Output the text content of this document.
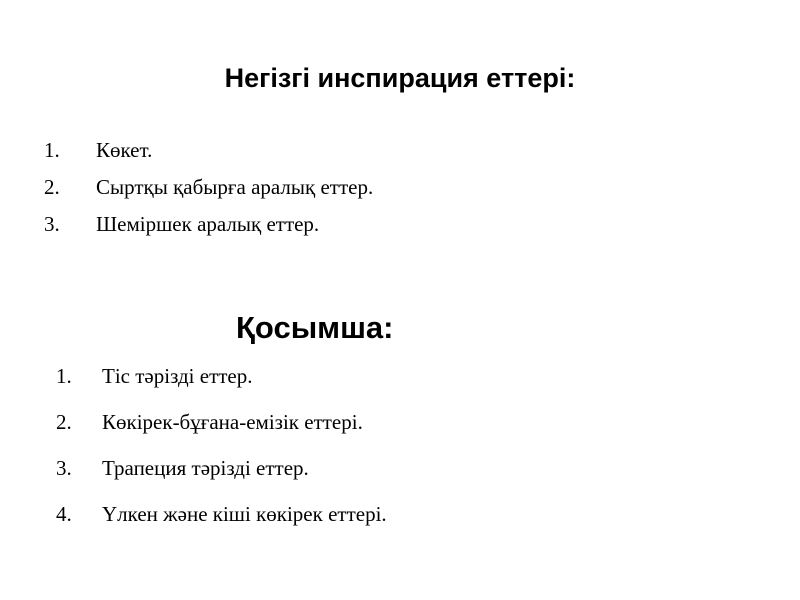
Негізгі инспирация еттері:
1. Көкет.
2. Сыртқы қабырға аралық еттер.
3. Шеміршек аралық еттер.
Қосымша:
1. Тіс тәрізді еттер.
2. Көкірек-бұғана-емізік еттері.
3. Трапеция тәрізді еттер.
4. Үлкен және кіші көкірек еттері.
